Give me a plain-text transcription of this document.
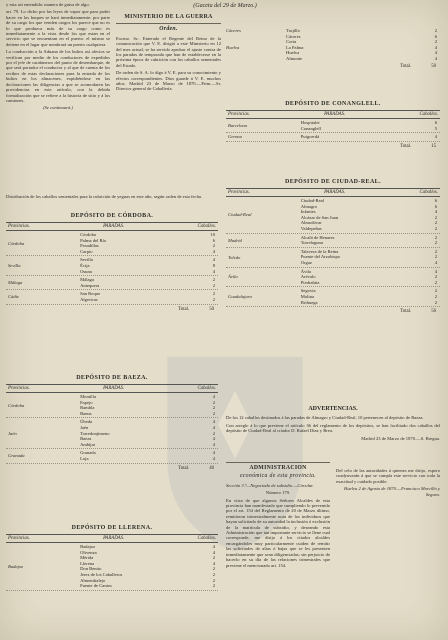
(Gaceta del 29 de Marzo.)

y esta así entendida: manera de guisa de algo.

art. 79. Lo dicho por las leyes de vapor que para poder hacer en los buques se hará inmediatamente: por parte de su cargo los que venden cargos los parece que no es lo que produzca más de su cargo como es inmediatamente a la vista desde los que estan en el servicio que se encuentran en el puerto: el mismo se detiene en el lugar que nombrará un puerto cualquiera.

La conducción a la Aduana de los bultos así afectos se verifican por medio de los conductores de expedidos por el jefe de carabineros del punto de desembarque, de que será portador el conductor y al que de cuenta de los recibos de estas declaraciones para la entrada de los bultos en los almacenes, expidiéndose en las declaraciones las diligencias a que se acomodaren las providencias en este artículo, con la debida formalización que se refiere a la historia de sitio y á los camiones.

(Se continuará.)

MINISTERIO DE LA GUERRA
Orden.

Excmo. Sr.: Enterado el Regente del Reino de la comunicación que V. E. dirigió a este Ministerio en 12 del mes actual, se ha servido aprobar el ajuste contra de los paradas de temporada que han de establecerse en la próxima época de cubrición con los caballos sementales del Estado.

De orden de S. A. lo digo á V. E. para su conocimiento y efectos correspondientes. Dios guarde á V. E. muchos años. Madrid 23 de Marzo de 1870.—Prim.—Sr. Director general de Caballería.

Distribución de los caballos sementales para la cubrición de yeguas en este año, según orden de esta fecha.
DEPÓSITO DE CÓRDOBA.
Provincias.	PARADAS.	Caballos.
Córdoba
Córdoba	10
Palma del Río	6
Posadillas	2
Carpio	4
Sevilla
Sevilla	4
Écija	8
Osuna	4
Málaga
Málaga	2
Antequera	2
Cádiz
San Roque	2
Algeciras	2
Total.	50
DEPÓSITO DE BAEZA.
Provincias.	PARADAS.	Caballos.
Córdoba
Montilla	4
Espejo	2
Rambla	2
Baena	2
Jaén
Úbeda	4
Jaén	4
Torredonjimeno	2
Baeza	4
Andújar	4
Granada
Granada	4
Loja	4
Total.	40
DEPÓSITO DE LLERENA.
Provincias.	PARADAS.	Caballos.
Badajoz
Badajoz	4
Olivenza	4
Mérida	2
Llerena	4
Don Benito	2
Jerez de los Caballeros	2
Almendralejo	2
Fuente de Cantos	2
Cáceres	Trujillo	2
Cáceres	6
Coria	2
Huelva	La Palma	4
Huelva	4
Almonte	4
Total.	50
DEPÓSITO DE CONANGLELL.
Provincias.	PARADAS.	Caballos.
Barcelona
Hospitalet	6
Conanglell	5
Gerona	Puigcerdá	4
Total.	15
DEPÓSITO DE CIUDAD-REAL.
Provincias.	PARADAS.	Caballos.
Ciudad-Real
Ciudad-Real	6
Almagro	6
Infantes	4
Alcázar de San Juan	2
Almodóvar	2
Valdepeñas	2
Madrid
Alcalá de Henares	2
Torrelaguna	2
Toledo
Talavera de la Reina	2
Puente del Arzobispo	2
Orgaz	4
Ávila
Ávila	4
Arévalo	2
Piedrahita	2
Guadalajara
Segovia	2
Molina	2
Brihuega	2
Total.	56
ADVERTENCIAS.

De los 12 caballos destinados á las paradas de Almagro y Ciudad-Real, 10 pertenecen al depósito de Baeza.

Con arreglo á lo que previene el artículo 36 del reglamento de los depósitos, se han facilitado dos caballos del depósito de Ciudad-Real al criador D. Rafael Díaz y Brea.

Madrid 23 de Marzo de 1870.—S. Bregua.

ADMINISTRACION
económica de esta provincia.

Sección 3.ª—Negociado de subsidio.—Circular.

Número 179.

En vista de que algunos Señores Alcaldes de esta provincia han manifestado que cumpliendo lo prevenido por el art. 154 del Reglamento de 20 de Marzo último, remitieron trimestralmente nota de los individuos que hayan solicitado de su autoridad la inclusión ó exclusión de la matrícula de subsidio, y deseando esta Administración que tan importante servicio se llene cual corresponde, me dirijo á los citados alcaldes encargándoles muy particularmente cuiden de remitir las solicitudes de altas ó bajas que se les presenten inmediatamente que sean diligenciadas; sin perjuicio de hacerlo en su día de las relaciones trimestrales que previene el mencionado art. 154.

Del celo de las autoridades á quienes me dirijo, espero coadyuvarán á que se cumpla este servicio con toda la exactitud y cuidado posible.

Huelva 2 de Agosto de 1870.—Francisco Morcillo y Segura.
